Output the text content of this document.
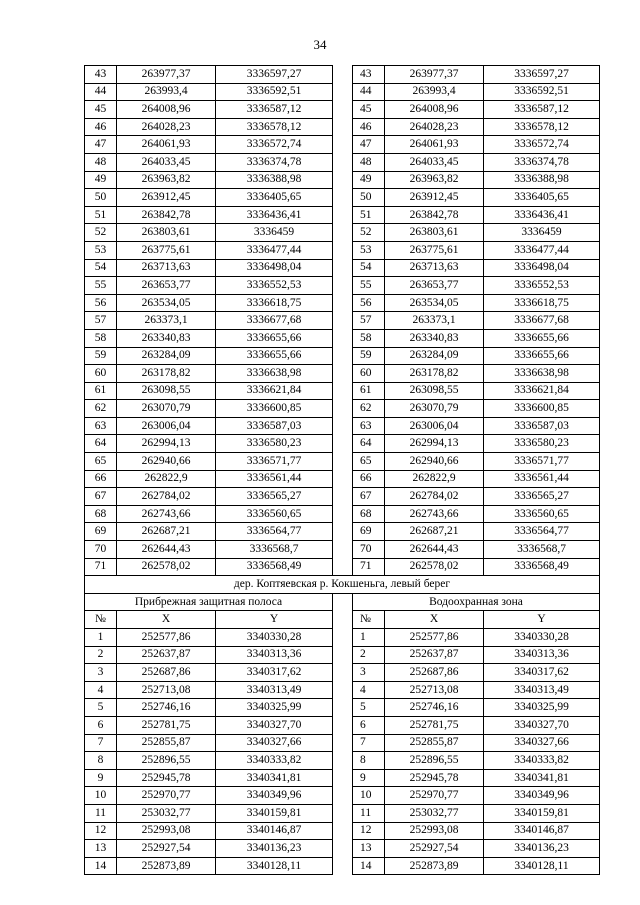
34
43	263977,37	3336597,27		43	263977,37	3336597,27
44	263993,4	3336592,51		44	263993,4	3336592,51
45	264008,96	3336587,12		45	264008,96	3336587,12
46	264028,23	3336578,12		46	264028,23	3336578,12
47	264061,93	3336572,74		47	264061,93	3336572,74
48	264033,45	3336374,78		48	264033,45	3336374,78
49	263963,82	3336388,98		49	263963,82	3336388,98
50	263912,45	3336405,65		50	263912,45	3336405,65
51	263842,78	3336436,41		51	263842,78	3336436,41
52	263803,61	3336459		52	263803,61	3336459
53	263775,61	3336477,44		53	263775,61	3336477,44
54	263713,63	3336498,04		54	263713,63	3336498,04
55	263653,77	3336552,53		55	263653,77	3336552,53
56	263534,05	3336618,75		56	263534,05	3336618,75
57	263373,1	3336677,68		57	263373,1	3336677,68
58	263340,83	3336655,66		58	263340,83	3336655,66
59	263284,09	3336655,66		59	263284,09	3336655,66
60	263178,82	3336638,98		60	263178,82	3336638,98
61	263098,55	3336621,84		61	263098,55	3336621,84
62	263070,79	3336600,85		62	263070,79	3336600,85
63	263006,04	3336587,03		63	263006,04	3336587,03
64	262994,13	3336580,23		64	262994,13	3336580,23
65	262940,66	3336571,77		65	262940,66	3336571,77
66	262822,9	3336561,44		66	262822,9	3336561,44
67	262784,02	3336565,27		67	262784,02	3336565,27
68	262743,66	3336560,65		68	262743,66	3336560,65
69	262687,21	3336564,77		69	262687,21	3336564,77
70	262644,43	3336568,7		70	262644,43	3336568,7
71	262578,02	3336568,49		71	262578,02	3336568,49
дер. Коптяевская р. Кокшеньга, левый берег						
Прибрежная защитная полоса				Водоохранная зона		
№	X	Y		№	X	Y
1	252577,86	3340330,28		1	252577,86	3340330,28
2	252637,87	3340313,36		2	252637,87	3340313,36
3	252687,86	3340317,62		3	252687,86	3340317,62
4	252713,08	3340313,49		4	252713,08	3340313,49
5	252746,16	3340325,99		5	252746,16	3340325,99
6	252781,75	3340327,70		6	252781,75	3340327,70
7	252855,87	3340327,66		7	252855,87	3340327,66
8	252896,55	3340333,82		8	252896,55	3340333,82
9	252945,78	3340341,81		9	252945,78	3340341,81
10	252970,77	3340349,96		10	252970,77	3340349,96
11	253032,77	3340159,81		11	253032,77	3340159,81
12	252993,08	3340146,87		12	252993,08	3340146,87
13	252927,54	3340136,23		13	252927,54	3340136,23
14	252873,89	3340128,11		14	252873,89	3340128,11
